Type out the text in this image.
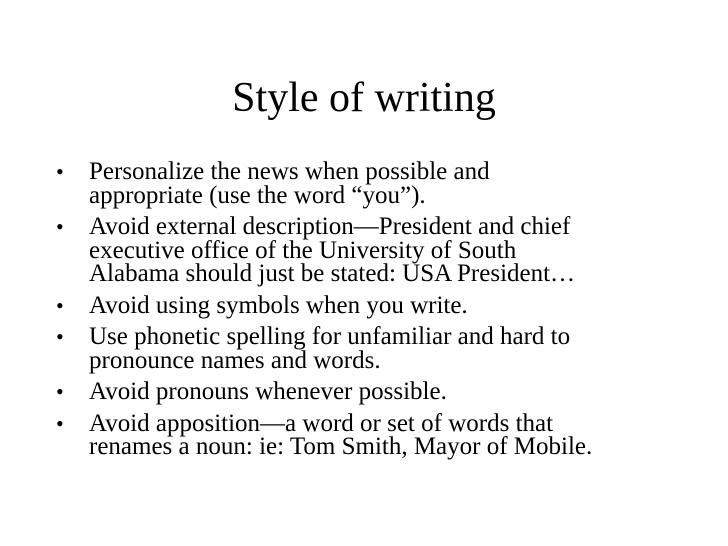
Style of writing
• Personalize the news when possible and
appropriate (use the word “you”).
• Avoid external description—President and chief
executive office of the University of South
Alabama should just be stated: USA President…
• Avoid using symbols when you write.
• Use phonetic spelling for unfamiliar and hard to
pronounce names and words.
• Avoid pronouns whenever possible.
• Avoid apposition—a word or set of words that
renames a noun: ie: Tom Smith, Mayor of Mobile.
